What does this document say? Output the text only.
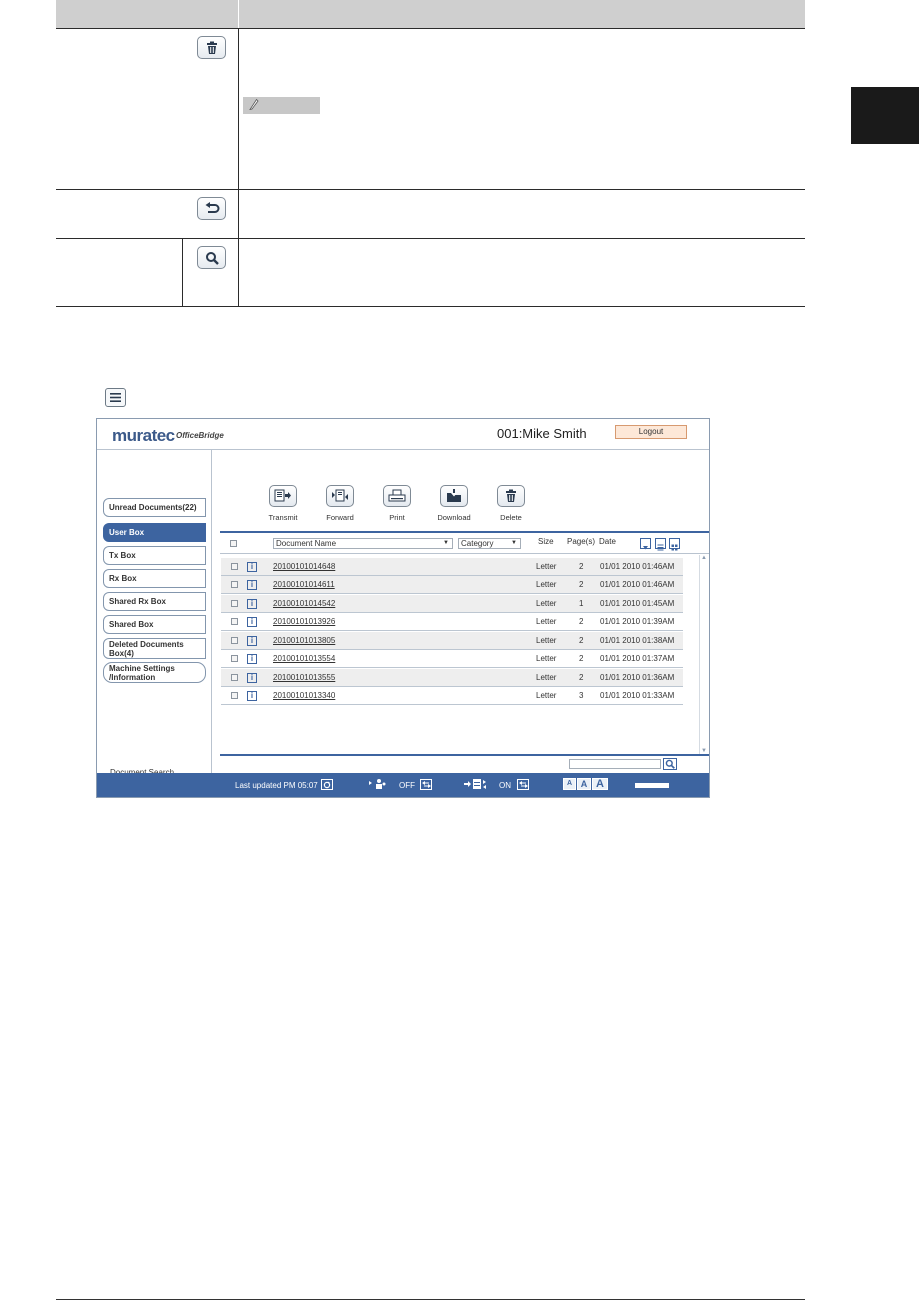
muratec OfficeBridge	001:Mike Smith	Logout
Unread Documents(22)
User Box
Tx Box
Rx Box
Shared Rx Box
Shared Box
Deleted Documents Box(4)
Machine Settings /Information
Transmit	Forward	Print	Download	Delete
Document Name	▼	Category	▼	Size Page(s) Date
i	20100101014648	Letter	2 01/01 2010 01:46AM
i	20100101014611	Letter	2 01/01 2010 01:46AM
i	20100101014542	Letter	1 01/01 2010 01:45AM
i	20100101013926	Letter	2 01/01 2010 01:39AM
i	20100101013805	Letter	2 01/01 2010 01:38AM
i	20100101013554	Letter	2 01/01 2010 01:37AM
i	20100101013555	Letter	2 01/01 2010 01:36AM
i	20100101013340	Letter	3 01/01 2010 01:33AM
▲
▼
Last updated PM 05:07	OFF	ON	A A A
